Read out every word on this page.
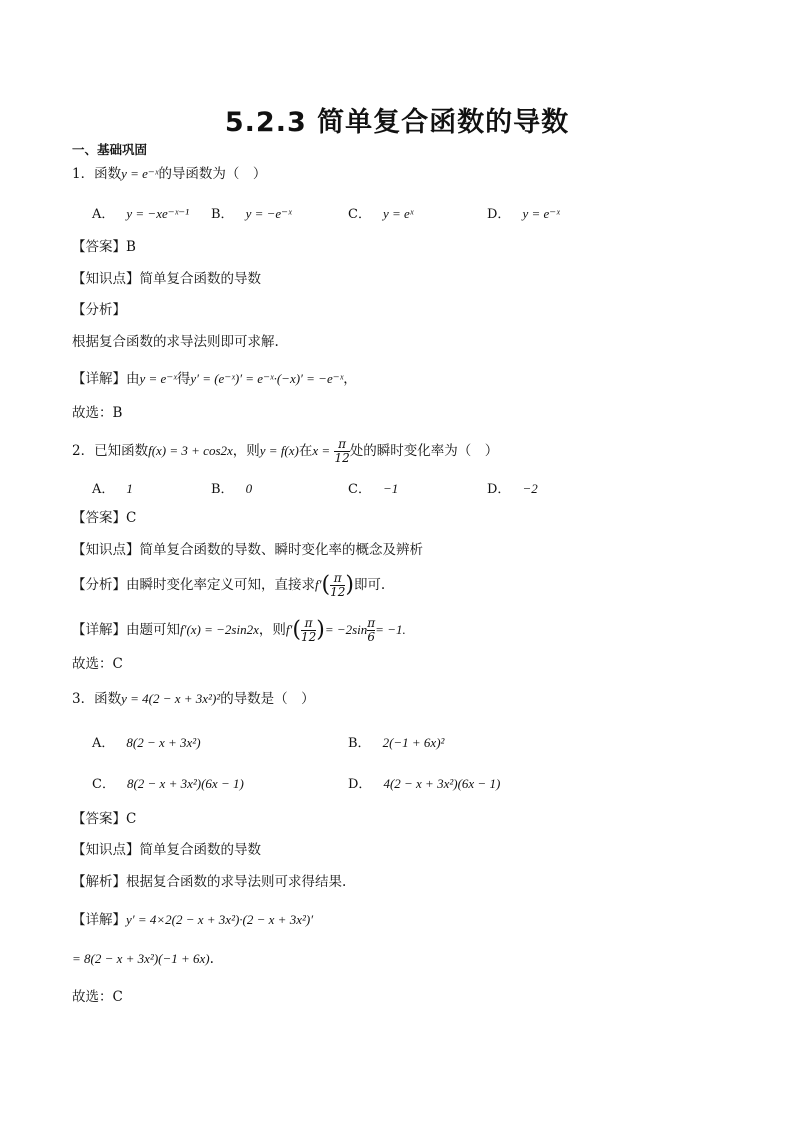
5.2.3 简单复合函数的导数
一、基础巩固
1．函数y = e⁻ˣ的导函数为（　）
A． y = −xe⁻ˣ⁻¹ B． y = −e⁻ˣ	C． y = eˣ	D． y = e⁻ˣ
【答案】B
【知识点】简单复合函数的导数
【分析】
根据复合函数的求导法则即可求解.
【详解】由y = e⁻ˣ得y′ = (e⁻ˣ)′ = e⁻ˣ·(−x)′ = −e⁻ˣ，
故选：B
2．已知函数f(x) = 3 + cos2x，则y = f(x)在$x = \frac{\pi}{12}$ 处的瞬时变化率为（　）
A． 1	B． 0	C． −1	D． −2
【答案】C
【知识点】简单复合函数的导数、瞬时变化率的概念及辨析
【分析】由瞬时变化率定义可知，直接求$f'( \frac{\pi}{12}$ )即可.
【详解】由题可知f′(x) = −2sin2x，则$f'( \frac{\pi}{12}$ )= $-2\sin \frac{\pi}{6} = -1$.
故选：C
3．函数y = 4(2 − x + 3x²)²的导数是（　）
A． 8(2 − x + 3x²)	B． 2(−1 + 6x)²
C． 8(2 − x + 3x²)(6x − 1)	D． 4(2 − x + 3x²)(6x − 1)
【答案】C
【知识点】简单复合函数的导数
【解析】根据复合函数的求导法则可求得结果.
【详解】y′ = 4×2(2 − x + 3x²)·(2 − x + 3x²)′
= 8(2 − x + 3x²)(−1 + 6x).
故选：C
